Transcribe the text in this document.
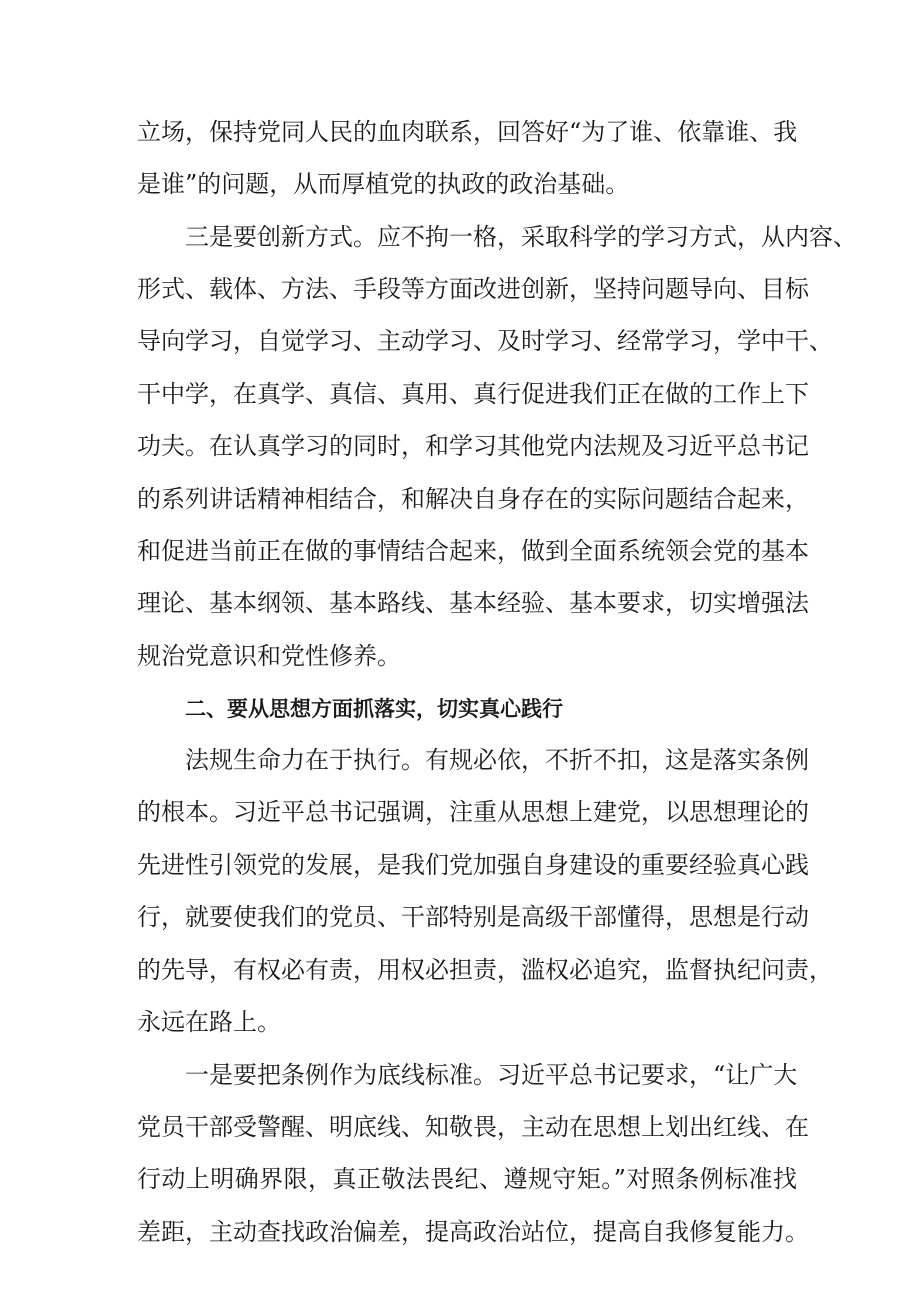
立场，保持党同人民的血肉联系，回答好“为了谁、依靠谁、我
是谁”的问题，从而厚植党的执政的政治基础。
三是要创新方式。应不拘一格，采取科学的学习方式，从内容、
形式、载体、方法、手段等方面改进创新，坚持问题导向、目标
导向学习，自觉学习、主动学习、及时学习、经常学习，学中干、
干中学，在真学、真信、真用、真行促进我们正在做的工作上下
功夫。在认真学习的同时，和学习其他党内法规及习近平总书记
的系列讲话精神相结合，和解决自身存在的实际问题结合起来，
和促进当前正在做的事情结合起来，做到全面系统领会党的基本
理论、基本纲领、基本路线、基本经验、基本要求，切实增强法
规治党意识和党性修养。
二、要从思想方面抓落实，切实真心践行
法规生命力在于执行。有规必依，不折不扣，这是落实条例
的根本。习近平总书记强调，注重从思想上建党，以思想理论的
先进性引领党的发展，是我们党加强自身建设的重要经验真心践
行，就要使我们的党员、干部特别是高级干部懂得，思想是行动
的先导，有权必有责，用权必担责，滥权必追究，监督执纪问责，
永远在路上。
一是要把条例作为底线标准。习近平总书记要求，“让广大
党员干部受警醒、明底线、知敬畏，主动在思想上划出红线、在
行动上明确界限，真正敬法畏纪、遵规守矩。”对照条例标准找
差距，主动查找政治偏差，提高政治站位，提高自我修复能力。
